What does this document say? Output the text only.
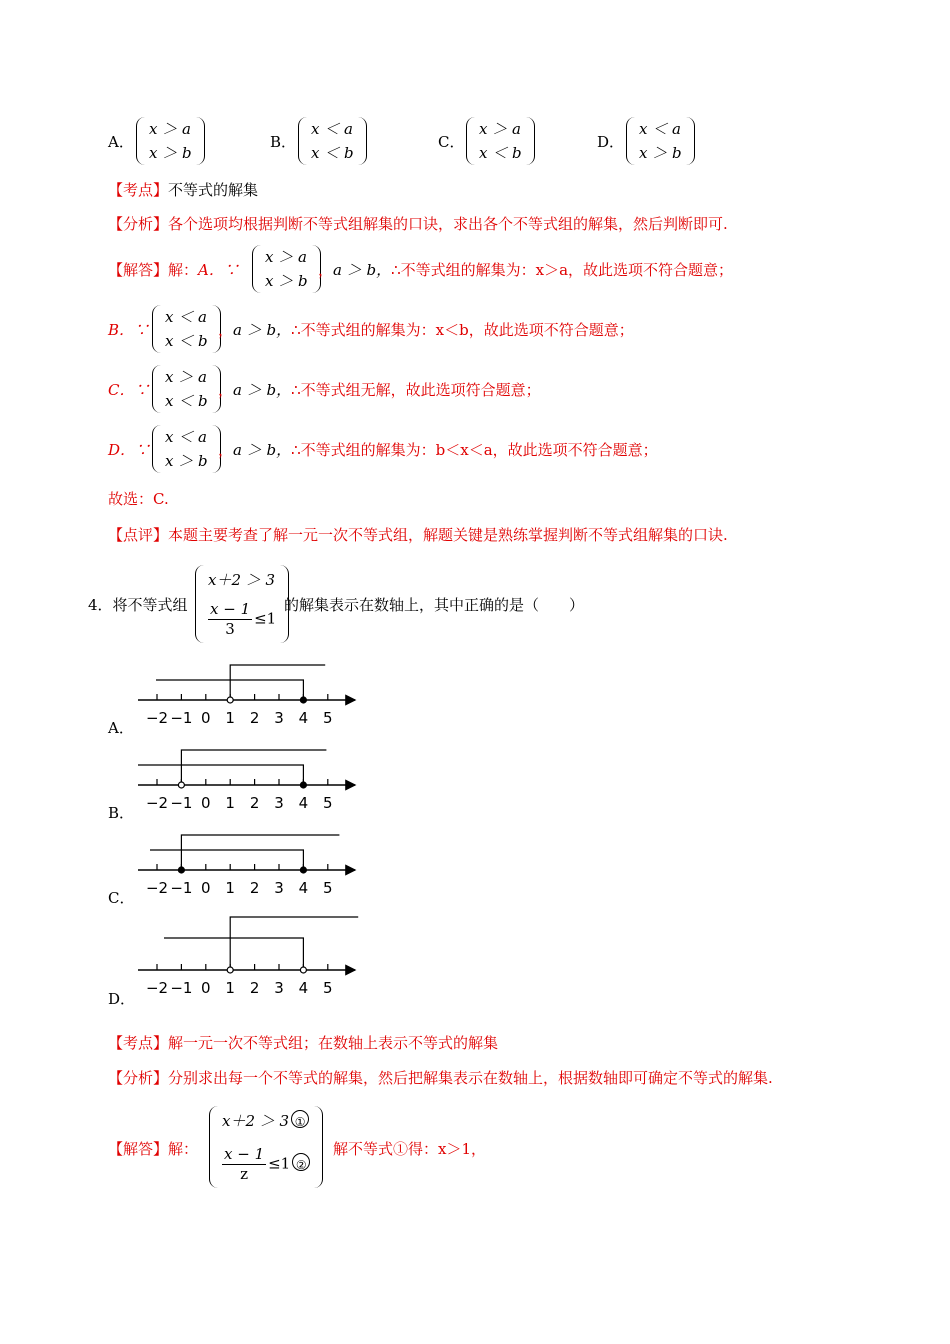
A．
x ＞ a
x ＞ b
B．
x ＜ a
x ＜ b
C．
x ＞ a
x ＜ b
D．
x ＜ a
x ＞ b
【考点】不等式的解集
【分析】各个选项均根据判断不等式组解集的口诀，求出各个不等式组的解集，然后判断即可.
【解答】解：A．∵
x ＞ a
x ＞ b
，a ＞ b，∴不等式组的解集为：x＞a，故此选项不符合题意；
B．∵
x ＜ a
x ＜ b
，a ＞ b，∴不等式组的解集为：x＜b，故此选项不符合题意；
C．∵
x ＞ a
x ＜ b
，a ＞ b，∴不等式组无解，故此选项符合题意；
D．∵
x ＜ a
x ＞ b
，a ＞ b，∴不等式组的解集为：b＜x＜a，故此选项不符合题意；
故选：C.
【点评】本题主要考查了解一元一次不等式组，解题关键是熟练掌握判断不等式组解集的口诀.
4．将不等式组
x＋2 ＞ 3
$\frac{x - 1}{3} \le 1$
的解集表示在数轴上，其中正确的是（　　）
−2 −1 0 1 2 3 4 5
−2 −1 0 1 2 3 4 5
−2 −1 0 1 2 3 4 5
−2 −1 0 1 2 3 4 5
A．
B．
C．
D．
【考点】解一元一次不等式组；在数轴上表示不等式的解集
【分析】分别求出每一个不等式的解集，然后把解集表示在数轴上，根据数轴即可确定不等式的解集.
【解答】解：
x＋2 ＞ 3 ①
$\frac{x - 1}{z} \le 1$ ②
解不等式①得：x＞1，
